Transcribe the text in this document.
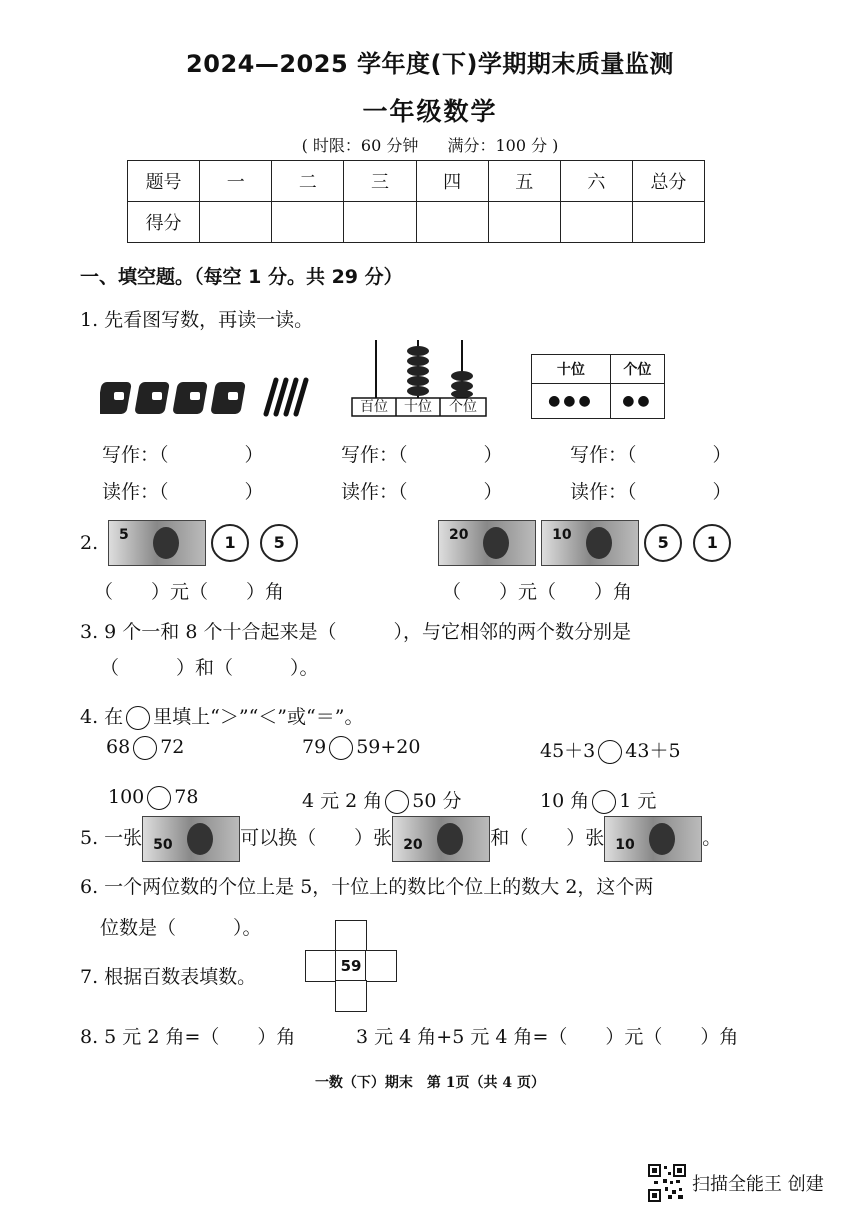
2024—2025 学年度(下)学期期末质量监测
一年级数学
( 时限：60 分钟 满分：100 分 )
题号	一	二	三	四	五	六	总分
得分							
一、填空题。（每空 1 分。共 29 分）
1. 先看图写数，再读一读。
百位	十位	个位
十位	个位
●●●	●●
写作：（　　　　）	写作：（　　　　）	写作：（　　　　）
读作：（　　　　）	读作：（　　　　）	读作：（　　　　）
2. 5	1 5	20
	10	5 1
（　　）元（　　）角	（　　）元（　　）角
3. 9 个一和 8 个十合起来是（　　　），与它相邻的两个数分别是
（　　　）和（　　　）。
4. 在 里填上“＞”“＜”或“＝”。
68 72	79 59+20	45＋3 43＋5
100 78	4 元 2 角 50 分	10 角 1 元
5. 一张 50	可以换（　　）张 20	和（　　）张 10	。
6. 一个两位数的个位上是 5，十位上的数比个位上的数大 2，这个两
位数是（　　　）。
7. 根据百数表填数。	59
8. 5 元 2 角=（　　）角	3 元 4 角+5 元 4 角=（　　）元（　　）角
一数（下）期末　第 1页（共 4 页）
扫描全能王 创建
